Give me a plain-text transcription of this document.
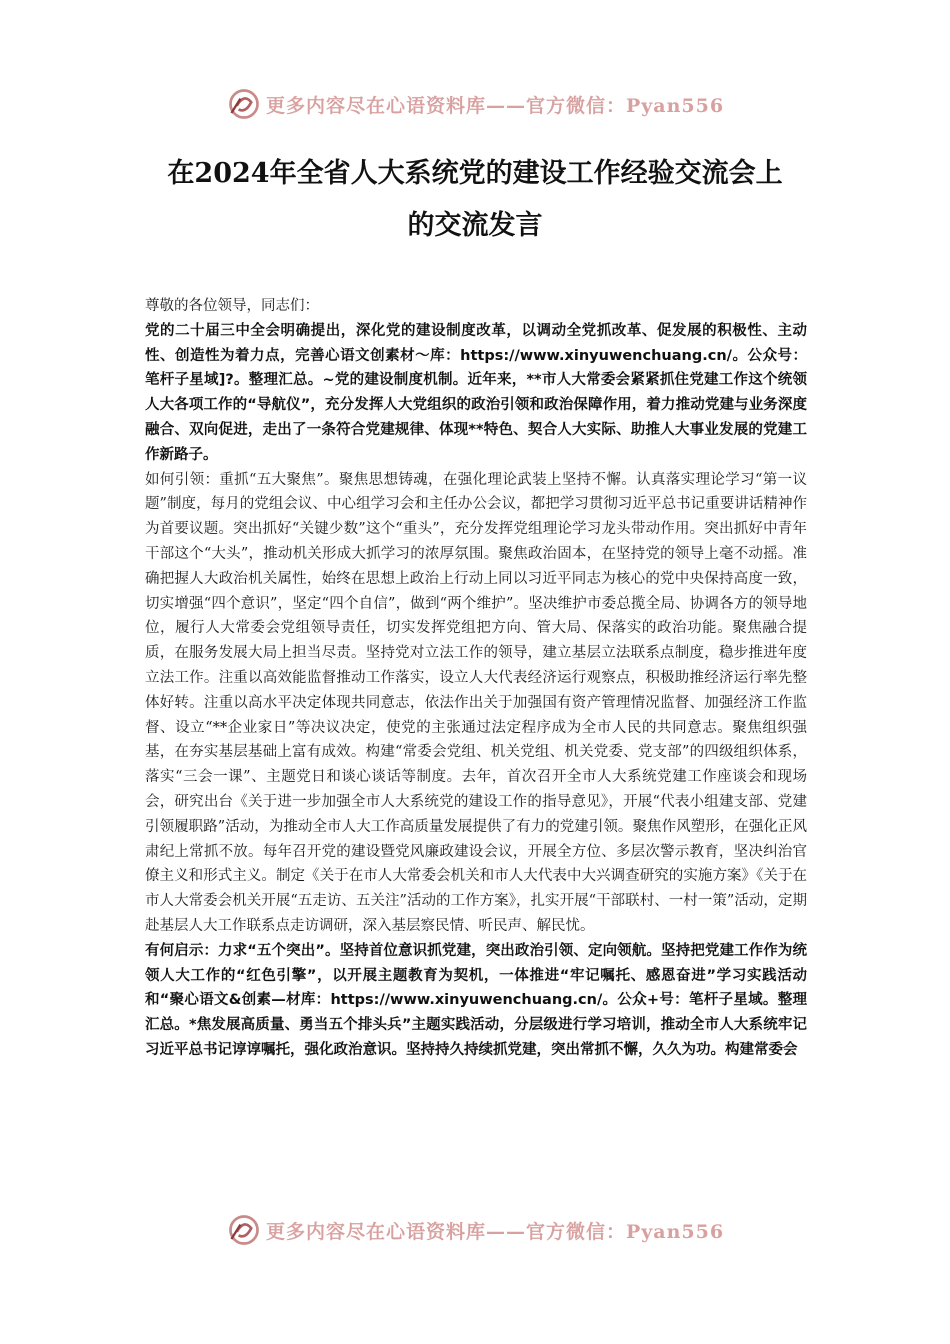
更多内容尽在心语资料库——官方微信：Pyan556
在2024年全省人大系统党的建设工作经验交流会上
的交流发言

尊敬的各位领导，同志们：

党的二十届三中全会明确提出，深化党的建设制度改革，以调动全党抓改革、促发展的积极性、主动性、创造性为着力点，完善心语文创素材～库：https://www.xinyuwenchuang.cn/。公众号：笔杆子星域]?。整理汇总。~党的建设制度机制。近年来，**市人大常委会紧紧抓住党建工作这个统领人大各项工作的“导航仪”，充分发挥人大党组织的政治引领和政治保障作用，着力推动党建与业务深度融合、双向促进，走出了一条符合党建规律、体现**特色、契合人大实际、助推人大事业发展的党建工作新路子。

如何引领：重抓“五大聚焦”。聚焦思想铸魂，在强化理论武装上坚持不懈。认真落实理论学习“第一议题”制度，每月的党组会议、中心组学习会和主任办公会议，都把学习贯彻习近平总书记重要讲话精神作为首要议题。突出抓好“关键少数”这个“重头”，充分发挥党组理论学习龙头带动作用。突出抓好中青年干部这个“大头”，推动机关形成大抓学习的浓厚氛围。聚焦政治固本，在坚持党的领导上毫不动摇。准确把握人大政治机关属性，始终在思想上政治上行动上同以习近平同志为核心的党中央保持高度一致，切实增强“四个意识”，坚定“四个自信”，做到“两个维护”。坚决维护市委总揽全局、协调各方的领导地位，履行人大常委会党组领导责任，切实发挥党组把方向、管大局、保落实的政治功能。聚焦融合提质，在服务发展大局上担当尽责。坚持党对立法工作的领导，建立基层立法联系点制度，稳步推进年度立法工作。注重以高效能监督推动工作落实，设立人大代表经济运行观察点，积极助推经济运行率先整体好转。注重以高水平决定体现共同意志，依法作出关于加强国有资产管理情况监督、加强经济工作监督、设立“**企业家日”等决议决定，使党的主张通过法定程序成为全市人民的共同意志。聚焦组织强基，在夯实基层基础上富有成效。构建“常委会党组、机关党组、机关党委、党支部”的四级组织体系，落实“三会一课”、主题党日和谈心谈话等制度。去年，首次召开全市人大系统党建工作座谈会和现场会，研究出台《关于进一步加强全市人大系统党的建设工作的指导意见》，开展“代表小组建支部、党建引领履职路”活动，为推动全市人大工作高质量发展提供了有力的党建引领。聚焦作风塑形，在强化正风肃纪上常抓不放。每年召开党的建设暨党风廉政建设会议，开展全方位、多层次警示教育，坚决纠治官僚主义和形式主义。制定《关于在市人大常委会机关和市人大代表中大兴调查研究的实施方案》《关于在市人大常委会机关开展“五走访、五关注”活动的工作方案》，扎实开展“干部联村、一村一策”活动，定期赴基层人大工作联系点走访调研，深入基层察民情、听民声、解民忧。

有何启示：力求“五个突出”。坚持首位意识抓党建，突出政治引领、定向领航。坚持把党建工作作为统领人大工作的“红色引擎”，以开展主题教育为契机，一体推进“牢记嘱托、感恩奋进”学习实践活动和“聚心语文&创素—材库：https://www.xinyuwenchuang.cn/。公众+号：笔杆子星域。整理汇总。*焦发展高质量、勇当五个排头兵”主题实践活动，分层级进行学习培训，推动全市人大系统牢记习近平总书记谆谆嘱托，强化政治意识。坚持持久持续抓党建，突出常抓不懈，久久为功。构建常委会

更多内容尽在心语资料库——官方微信：Pyan556
